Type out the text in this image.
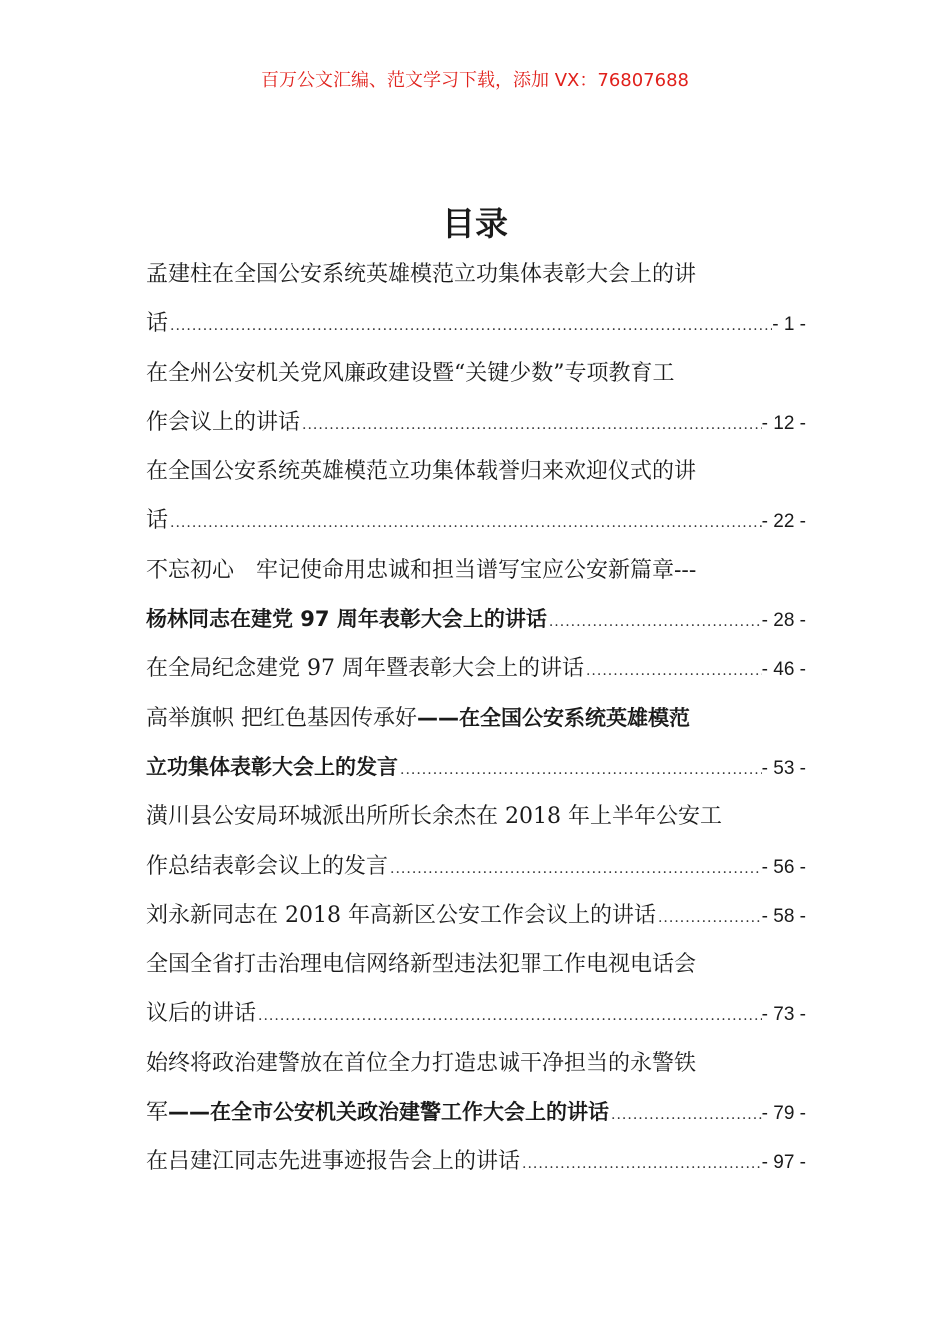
百万公文汇编、范文学习下载，添加 VX：76807688
目录
孟建柱在全国公安系统英雄模范立功集体表彰大会上的讲
话 .....	- 1 -
在全州公安机关党风廉政建设暨“关键少数”专项教育工
作会议上的讲话 .....	- 12 -
在全国公安系统英雄模范立功集体载誉归来欢迎仪式的讲
话 .....	- 22 -
不忘初心　牢记使命用忠诚和担当谱写宝应公安新篇章---
杨林同志在建党 97 周年表彰大会上的讲话 .....	- 28 -
在全局纪念建党 97 周年暨表彰大会上的讲话 .....	- 46 -
高举旗帜 把红色基因传承好——在全国公安系统英雄模范
立功集体表彰大会上的发言 .....	- 53 -
潢川县公安局环城派出所所长余杰在 2018 年上半年公安工
作总结表彰会议上的发言 .....	- 56 -
刘永新同志在 2018 年高新区公安工作会议上的讲话 .....	- 58 -
全国全省打击治理电信网络新型违法犯罪工作电视电话会
议后的讲话 .....	- 73 -
始终将政治建警放在首位全力打造忠诚干净担当的永警铁
军——在全市公安机关政治建警工作大会上的讲话 .....	- 79 -
在吕建江同志先进事迹报告会上的讲话 .....	- 97 -
